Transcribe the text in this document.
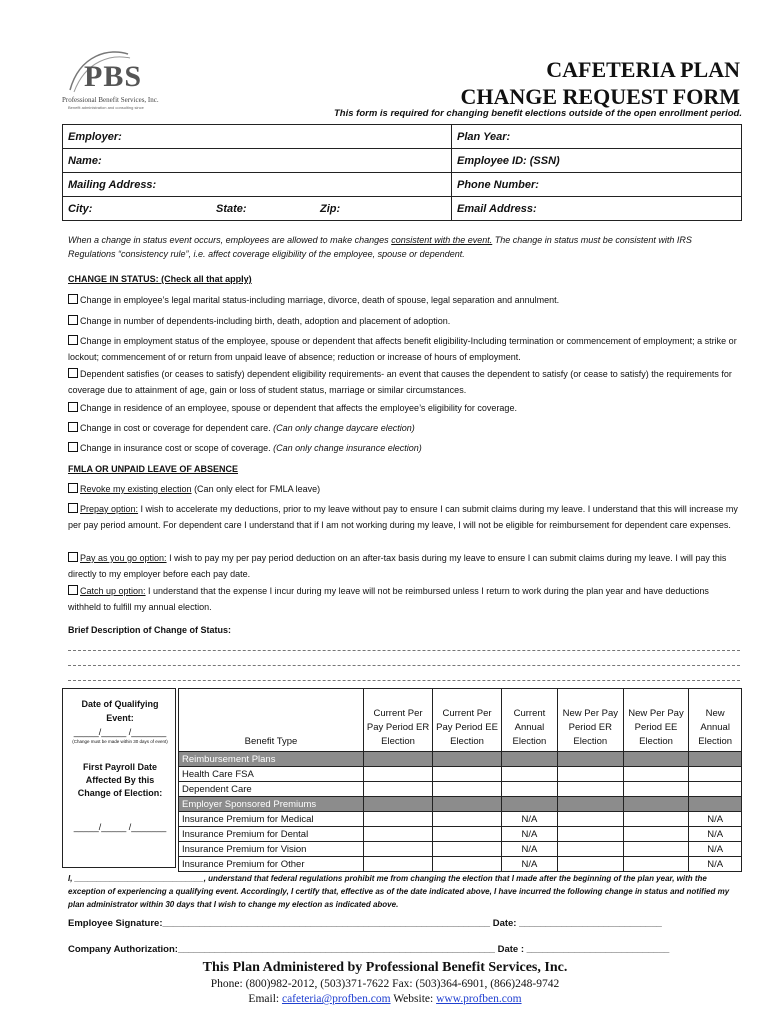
PBS
Professional Benefit Services, Inc.
Benefit administration and consulting since
CAFETERIA PLAN
CHANGE REQUEST FORM
This form is required for changing benefit elections outside of the open enrollment period.
Employer:	Plan Year:
Name:	Employee ID: (SSN)
Mailing Address:	Phone Number:
City: State: Zip:	Email Address:
When a change in status event occurs, employees are allowed to make changes consistent with the event. The change in status must be consistent with IRS Regulations “consistency rule”, i.e. affect coverage eligibility of the employee, spouse or dependent.
CHANGE IN STATUS: (Check all that apply)
Change in employee’s legal marital status-including marriage, divorce, death of spouse, legal separation and annulment.
Change in number of dependents-including birth, death, adoption and placement of adoption.
Change in employment status of the employee, spouse or dependent that affects benefit eligibility-Including termination or commencement of employment; a strike or lockout; commencement of or return from unpaid leave of absence; reduction or increase of hours of employment.
Dependent satisfies (or ceases to satisfy) dependent eligibility requirements- an event that causes the dependent to satisfy (or cease to satisfy) the requirements for coverage due to attainment of age, gain or loss of student status, marriage or similar circumstances.
Change in residence of an employee, spouse or dependent that affects the employee’s eligibility for coverage.
Change in cost or coverage for dependent care. (Can only change daycare election)
Change in insurance cost or scope of coverage. (Can only change insurance election)
FMLA OR UNPAID LEAVE OF ABSENCE
Revoke my existing election (Can only elect for FMLA leave)
Prepay option: I wish to accelerate my deductions, prior to my leave without pay to ensure I can submit claims during my leave. I understand that this will increase my per pay period amount. For dependent care I understand that if I am not working during my leave, I will not be eligible for reimbursement for dependent care expenses.
Pay as you go option: I wish to pay my per pay period deduction on an after-tax basis during my leave to ensure I can submit claims during my leave. I will pay this directly to my employer before each pay date.
Catch up option: I understand that the expense I incur during my leave will not be reimbursed unless I return to work during the plan year and have deductions withheld to fulfill my annual election.
Brief Description of Change of Status:
Date of Qualifying Event:
_____/_____ /_______
(Change must be made within 30 days of event)
First Payroll Date Affected By this Change of Election:
_____/_____ /_______
Benefit Type	Current Per Pay Period ER Election	Current Per Pay Period EE Election	Current Annual Election	New Per Pay Period ER Election	New Per Pay Period EE Election	New Annual Election
Reimbursement Plans						
Health Care FSA						
Dependent Care						
Employer Sponsored Premiums						
Insurance Premium for Medical			N/A			N/A
Insurance Premium for Dental			N/A			N/A
Insurance Premium for Vision			N/A			N/A
Insurance Premium for Other			N/A			N/A
I, _____________________________, understand that federal regulations prohibit me from changing the election that I made after the beginning of the plan year, with the exception of experiencing a qualifying event. Accordingly, I certify that, effective as of the date indicated above, I have incurred the following change in status and notified my plan administrator within 30 days that I wish to change my election as indicated above.
Employee Signature:______________________________________________________________ Date: ___________________________
Company Authorization:____________________________________________________________ Date : ___________________________
This Plan Administered by Professional Benefit Services, Inc.
Phone: (800)982-2012, (503)371-7622 Fax: (503)364-6901, (866)248-9742
Email: cafeteria@profben.com Website: www.profben.com
